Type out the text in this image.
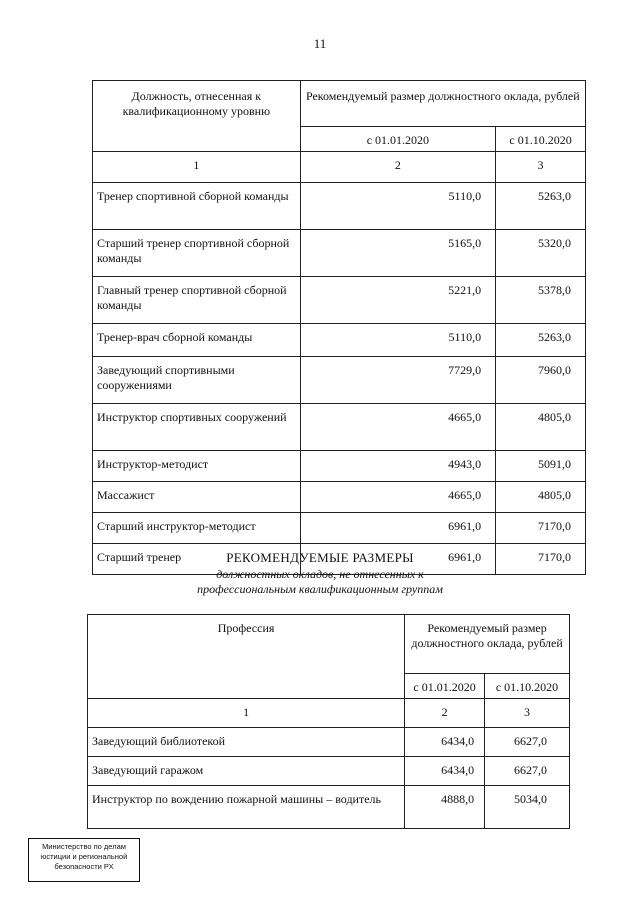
11
Должность, отнесенная к квалификационному уровню	Рекомендуемый размер должностного оклада, рублей	
	с 01.01.2020	с 01.10.2020
1	2	3
Тренер спортивной сборной команды	5110,0	5263,0
Старший тренер спортивной сборной команды	5165,0	5320,0
Главный тренер спортивной сборной команды	5221,0	5378,0
Тренер-врач сборной команды	5110,0	5263,0
Заведующий спортивными сооружениями	7729,0	7960,0
Инструктор спортивных сооружений	4665,0	4805,0
Инструктор-методист	4943,0	5091,0
Массажист	4665,0	4805,0
Старший инструктор-методист	6961,0	7170,0
Старший тренер	6961,0	7170,0
РЕКОМЕНДУЕМЫЕ РАЗМЕРЫ
должностных окладов, не отнесенных к
профессиональным квалификационным группам
Профессия	Рекомендуемый размер должностного оклада, рублей	
	с 01.01.2020	с 01.10.2020
1	2	3
Заведующий библиотекой	6434,0	6627,0
Заведующий гаражом	6434,0	6627,0
Инструктор по вождению пожарной машины – водитель	4888,0	5034,0
Министерство по делам
юстиции и региональной
безопасности РХ
